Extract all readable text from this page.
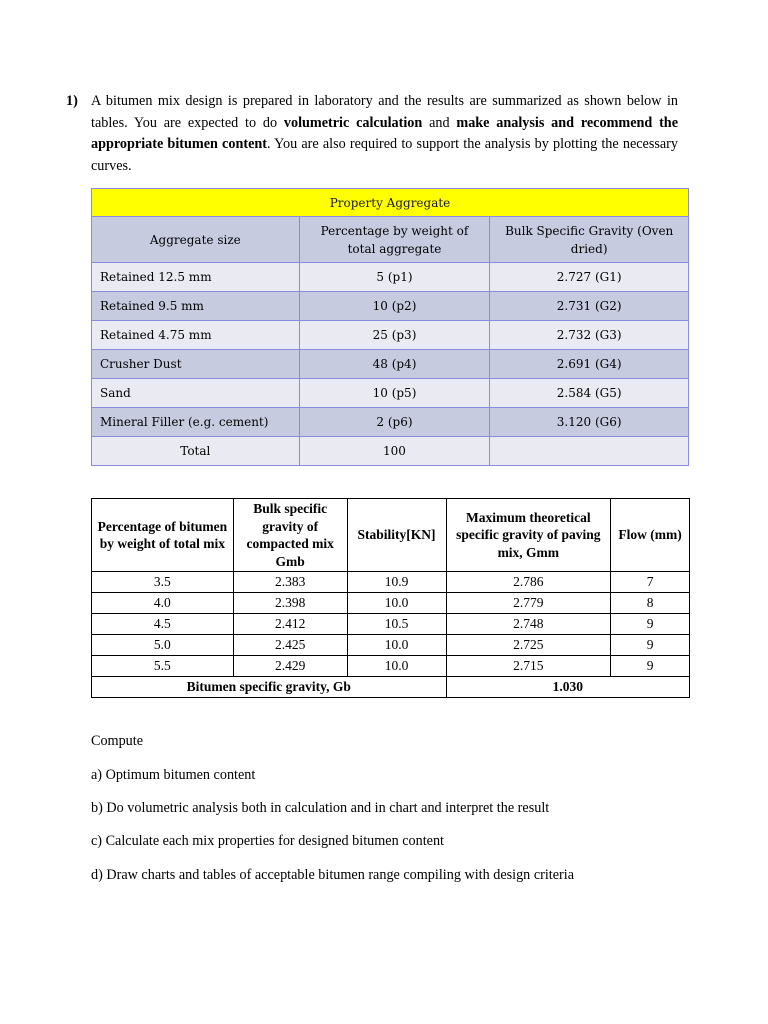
1) A bitumen mix design is prepared in laboratory and the results are summarized as shown below in tables. You are expected to do volumetric calculation and make analysis and recommend the appropriate bitumen content. You are also required to support the analysis by plotting the necessary curves.
Property Aggregate		
Aggregate size	Percentage by weight of total aggregate	Bulk Specific Gravity (Oven dried)
Retained 12.5 mm	5 (p1)	2.727 (G1)
Retained 9.5 mm	10 (p2)	2.731 (G2)
Retained 4.75 mm	25 (p3)	2.732 (G3)
Crusher Dust	48 (p4)	2.691 (G4)
Sand	10 (p5)	2.584 (G5)
Mineral Filler (e.g. cement)	2 (p6)	3.120 (G6)
Total	100	
Percentage of bitumen by weight of total mix	Bulk specific gravity of compacted mix Gmb	Stability[KN]	Maximum theoretical specific gravity of paving mix, Gmm	Flow (mm)
3.5	2.383	10.9	2.786	7
4.0	2.398	10.0	2.779	8
4.5	2.412	10.5	2.748	9
5.0	2.425	10.0	2.725	9
5.5	2.429	10.0	2.715	9
Bitumen specific gravity, Gb			1.030	
Compute
a) Optimum bitumen content
b) Do volumetric analysis both in calculation and in chart and interpret the result
c) Calculate each mix properties for designed bitumen content
d) Draw charts and tables of acceptable bitumen range compiling with design criteria
